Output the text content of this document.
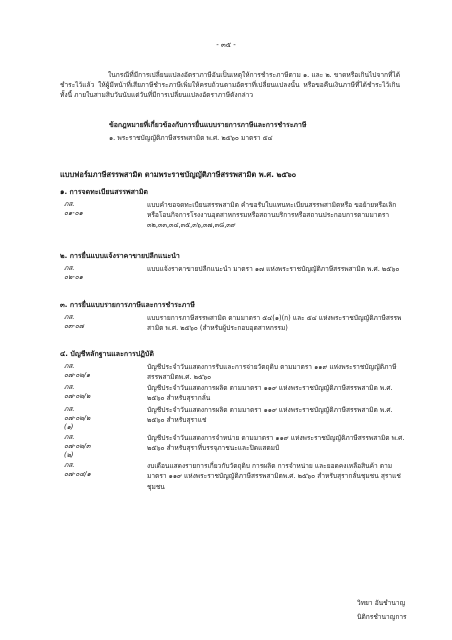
- ๓๕ -
ในกรณีที่มีการเปลี่ยนแปลงอัตราภาษีอันเป็นเหตุให้การชำระภาษีตาม ๑. และ ๒. ขาดหรือเกินไปจากที่ได้ชำระไว้แล้ว ให้ผู้มีหน้าที่เสียภาษีชำระภาษีเพิ่มให้ครบถ้วนตามอัตราที่เปลี่ยนแปลงนั้น หรือขอคืนเงินภาษีที่ได้ชำระไว้เกิน ทั้งนี้ ภายในสามสิบวันนับแต่วันที่มีการเปลี่ยนแปลงอัตราภาษีดังกล่าว
ข้อกฎหมายที่เกี่ยวข้องกับการยื่นแบบรายการภาษีและการชำระภาษี
๑. พระราชบัญญัติภาษีสรรพสามิต พ.ศ. ๒๕๖๐ มาตรา ๕๔
แบบฟอร์มภาษีสรรพสามิต ตามพระราชบัญญัติภาษีสรรพสามิต พ.ศ. ๒๕๖๐
๑. การจดทะเบียนสรรพสามิต
ภส. ๐๑-๐๑
แบบคำขอจดทะเบียนสรรพสามิต คำขอรับใบแทนทะเบียนสรรพสามิตหรือ ขอย้ายหรือเลิกหรือโอนกิจการโรงงานอุตสาหกรรมหรือสถานบริการหรือสถานประกอบการตามมาตรา ๓๒,๓๓,๓๔,๓๕,๓๖,๓๗,๓๘,๓๙
๒. การยื่นแบบแจ้งราคาขายปลีกแนะนำ
ภส. ๐๒-๐๑
แบบแจ้งราคาขายปลีกแนะนำ มาตรา ๑๗ แห่งพระราชบัญญัติภาษีสรรพสามิต พ.ศ. ๒๕๖๐
๓. การยื่นแบบรายการภาษีและการชำระภาษี
ภส. ๐๓-๐๗
แบบรายการภาษีสรรพสามิต ตามมาตรา ๕๔(๑)(ก) และ ๕๔ แห่งพระราชบัญญัติภาษีสรรพสามิต พ.ศ. ๒๕๖๐ (สำหรับผู้ประกอบอุตสาหกรรม)
๔. บัญชีหลักฐานและการปฏิบัติ
ภส. ๐๗-๐๒/๑
บัญชีประจำวันแสดงการรับและการจ่ายวัตถุดิบ ตามมาตรา ๑๑๙ แห่งพระราชบัญญัติภาษีสรรพสามิตพ.ศ. ๒๕๖๐
ภส. ๐๗-๐๒/๒
บัญชีประจำวันแสดงการผลิต ตามมาตรา ๑๑๙ แห่งพระราชบัญญัติภาษีสรรพสามิต พ.ศ. ๒๕๖๐ สำหรับสุรากลั่น
ภส. ๐๗-๐๒/๒ (๑)
บัญชีประจำวันแสดงการผลิต ตามมาตรา ๑๑๙ แห่งพระราชบัญญัติภาษีสรรพสามิต พ.ศ. ๒๕๖๐ สำหรับสุราแช่
ภส. ๐๗-๐๒/๓ (๒)
บัญชีประจำวันแสดงการจำหน่าย ตามมาตรา ๑๑๙ แห่งพระราชบัญญัติภาษีสรรพสามิต พ.ศ. ๒๕๖๐ สำหรับสุราที่บรรจุภาชนะและปิดแสตมป์
ภส. ๐๗-๐๔/๑
งบเดือนแสดงรายการเกี่ยวกับวัตถุดิบ การผลิต การจำหน่าย และยอดคงเหลือสินค้า ตามมาตรา ๑๑๙ แห่งพระราชบัญญัติภาษีสรรพสามิตพ.ศ. ๒๕๖๐ สำหรับสุรากลั่นชุมชน สุราแช่ชุมชน
วิทยา อันชำนาญ
นิติกรชำนาญการ
